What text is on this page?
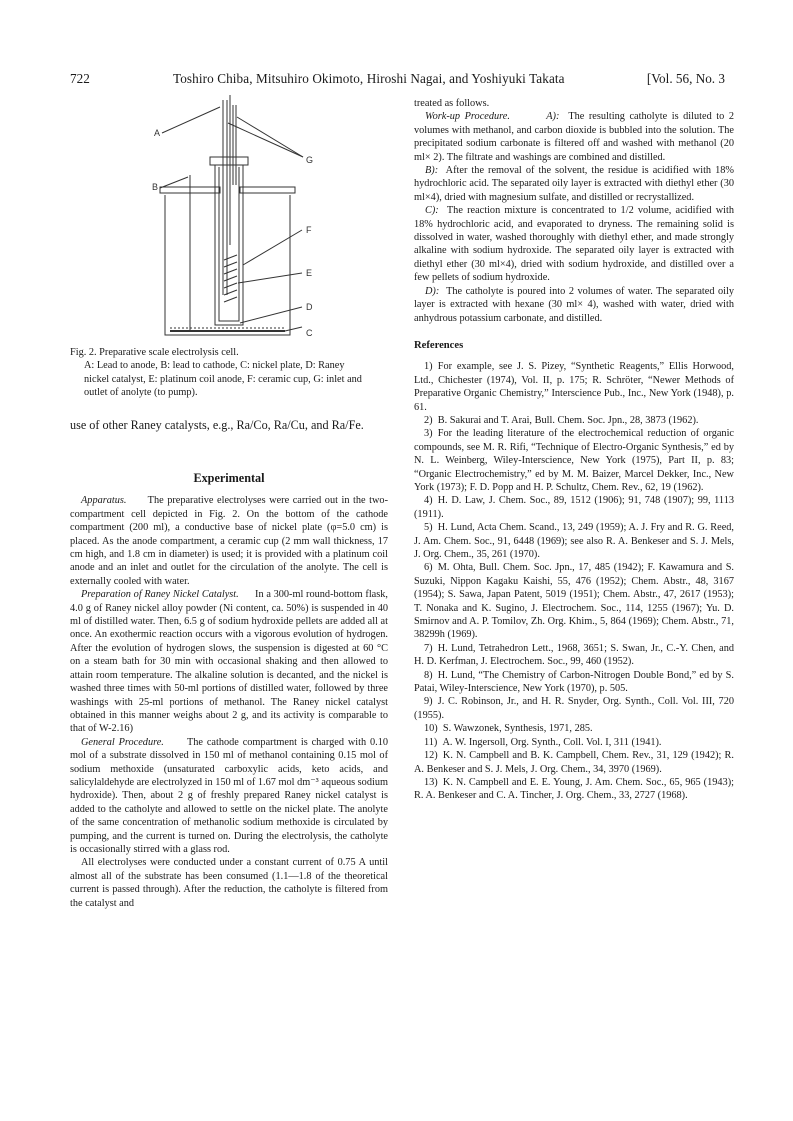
722	Toshiro Chiba, Mitsuhiro Okimoto, Hiroshi Nagai, and Yoshiyuki Takata	[Vol. 56, No. 3
A
B
C
D
E
F
G

Fig. 2. Preparative scale electrolysis cell.

A: Lead to anode, B: lead to cathode, C: nickel plate, D: Raney nickel catalyst, E: platinum coil anode, F: ceramic cup, G: inlet and outlet of anolyte (to pump).

use of other Raney catalysts, e.g., Ra/Co, Ra/Cu, and Ra/Fe.

Experimental

Apparatus. The preparative electrolyses were carried out in the two-compartment cell depicted in Fig. 2. On the bottom of the cathode compartment (200 ml), a conductive base of nickel plate (φ=5.0 cm) is placed. As the anode compartment, a ceramic cup (2 mm wall thickness, 17 cm high, and 1.8 cm in diameter) is used; it is provided with a platinum coil anode and an inlet and outlet for the circulation of the anolyte. The cell is externally cooled with water.

Preparation of Raney Nickel Catalyst. In a 300-ml round-bottom flask, 4.0 g of Raney nickel alloy powder (Ni content, ca. 50%) is suspended in 40 ml of distilled water. Then, 6.5 g of sodium hydroxide pellets are added all at once. An exothermic reaction occurs with a vigorous evolution of hydrogen. After the evolution of hydrogen slows, the suspension is digested at 60 °C on a steam bath for 30 min with occasional shaking and then allowed to attain room temperature. The alkaline solution is decanted, and the nickel is washed three times with 50-ml portions of distilled water, followed by three washings with 25-ml portions of methanol. The Raney nickel catalyst obtained in this manner weighs about 2 g, and its activity is comparable to that of W-2.16)

General Procedure. The cathode compartment is charged with 0.10 mol of a substrate dissolved in 150 ml of methanol containing 0.15 mol of sodium methoxide (unsaturated carboxylic acids, keto acids, and salicylaldehyde are electrolyzed in 150 ml of 1.67 mol dm⁻³ aqueous sodium hydroxide). Then, about 2 g of freshly prepared Raney nickel catalyst is added to the catholyte and allowed to settle on the nickel plate. The anolyte of the same concentration of methanolic sodium methoxide is circulated by pumping, and the current is turned on. During the electrolysis, the catholyte is occasionally stirred with a glass rod.

All electrolyses were conducted under a constant current of 0.75 A until almost all of the substrate has been consumed (1.1—1.8 of the theoretical current is passed through). After the reduction, the catholyte is filtered from the catalyst and

treated as follows.

Work-up Procedure.	A): The resulting catholyte is diluted to 2 volumes with methanol, and carbon dioxide is bubbled into the solution. The precipitated sodium carbonate is filtered off and washed with methanol (20 ml× 2). The filtrate and washings are combined and distilled.

B): After the removal of the solvent, the residue is acidified with 18% hydrochloric acid. The separated oily layer is extracted with diethyl ether (30 ml×4), dried with magnesium sulfate, and distilled or recrystallized.

C): The reaction mixture is concentrated to 1/2 volume, acidified with 18% hydrochloric acid, and evaporated to dryness. The remaining solid is dissolved in water, washed thoroughly with diethyl ether, and made strongly alkaline with sodium hydroxide. The separated oily layer is extracted with diethyl ether (30 ml×4), dried with sodium hydroxide, and distilled over a few pellets of sodium hydroxide.

D): The catholyte is poured into 2 volumes of water. The separated oily layer is extracted with hexane (30 ml× 4), washed with water, dried with anhydrous potassium carbonate, and distilled.

References

1)  For example, see J. S. Pizey, “Synthetic Reagents,” Ellis Horwood, Ltd., Chichester (1974), Vol. II, p. 175; R. Schröter, “Newer Methods of Preparative Organic Chemistry,” Interscience Pub., Inc., New York (1948), p. 61.

2)  B. Sakurai and T. Arai, Bull. Chem. Soc. Jpn., 28, 3873 (1962).

3)  For the leading literature of the electrochemical reduction of organic compounds, see M. R. Rifi, “Technique of Electro-Organic Synthesis,” ed by N. L. Weinberg, Wiley-Interscience, New York (1975), Part II, p. 83; “Organic Electrochemistry,” ed by M. M. Baizer, Marcel Dekker, Inc., New York (1973); F. D. Popp and H. P. Schultz, Chem. Rev., 62, 19 (1962).

4)  H. D. Law, J. Chem. Soc., 89, 1512 (1906); 91, 748 (1907); 99, 1113 (1911).

5)  H. Lund, Acta Chem. Scand., 13, 249 (1959); A. J. Fry and R. G. Reed, J. Am. Chem. Soc., 91, 6448 (1969); see also R. A. Benkeser and S. J. Mels, J. Org. Chem., 35, 261 (1970).

6)  M. Ohta, Bull. Chem. Soc. Jpn., 17, 485 (1942); F. Kawamura and S. Suzuki, Nippon Kagaku Kaishi, 55, 476 (1952); Chem. Abstr., 48, 3167 (1954); S. Sawa, Japan Patent, 5019 (1951); Chem. Abstr., 47, 2617 (1953); T. Nonaka and K. Sugino, J. Electrochem. Soc., 114, 1255 (1967); Yu. D. Smirnov and A. P. Tomilov, Zh. Org. Khim., 5, 864 (1969); Chem. Abstr., 71, 38299h (1969).

7)  H. Lund, Tetrahedron Lett., 1968, 3651; S. Swan, Jr., C.-Y. Chen, and H. D. Kerfman, J. Electrochem. Soc., 99, 460 (1952).

8)  H. Lund, “The Chemistry of Carbon-Nitrogen Double Bond,” ed by S. Patai, Wiley-Interscience, New York (1970), p. 505.

9)  J. C. Robinson, Jr., and H. R. Snyder, Org. Synth., Coll. Vol. III, 720 (1955).

10)  S. Wawzonek, Synthesis, 1971, 285.

11)  A. W. Ingersoll, Org. Synth., Coll. Vol. I, 311 (1941).

12)  K. N. Campbell and B. K. Campbell, Chem. Rev., 31, 129 (1942); R. A. Benkeser and S. J. Mels, J. Org. Chem., 34, 3970 (1969).

13)  K. N. Campbell and E. E. Young, J. Am. Chem. Soc., 65, 965 (1943); R. A. Benkeser and C. A. Tincher, J. Org. Chem., 33, 2727 (1968).
